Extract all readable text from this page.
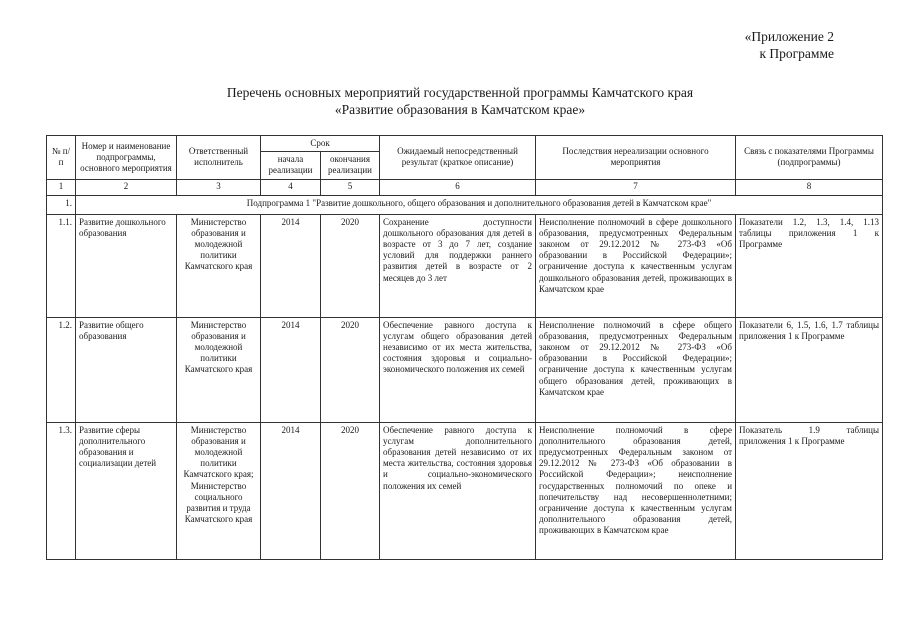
«Приложение 2
к Программе
Перечень основных мероприятий государственной программы Камчатского края
«Развитие образования в Камчатском крае»
№ п/п	Номер и наименование подпрограммы, основного мероприятия	Ответственный исполнитель	Срок		Ожидаемый непосредственный результат (краткое описание)	Последствия нереализации основного мероприятия	Связь с показателями Программы (подпрограммы)
			начала реализации	окончания реализации			
1	2	3	4	5	6	7	8
1.	Подпрограмма 1 "Развитие дошкольного, общего образования и дополнительного образования детей в Камчатском крае"						
1.1.	Развитие дошкольного образования	Министерство образования и молодежной политики Камчатского края	2014	2020	Сохранение доступности дошкольного образования для детей в возрасте от 3 до 7 лет, создание условий для поддержки раннего развития детей в возрасте от 2 месяцев до 3 лет	Неисполнение полномочий в сфере дошкольного образования, предусмотренных Федеральным законом от 29.12.2012 № 273-ФЗ «Об образовании в Российской Федерации»; ограничение доступа к качественным услугам дошкольного образования детей, проживающих в Камчатском крае	Показатели 1.2, 1.3, 1.4, 1.13 таблицы приложения 1 к Программе
1.2.	Развитие общего образования	Министерство образования и молодежной политики Камчатского края	2014	2020	Обеспечение равного доступа к услугам общего образования детей независимо от их места жительства, состояния здоровья и социально-экономического положения их семей	Неисполнение полномочий в сфере общего образования, предусмотренных Федеральным законом от 29.12.2012 № 273-ФЗ «Об образовании в Российской Федерации»; ограничение доступа к качественным услугам общего образования детей, проживающих в Камчатском крае	Показатели 6, 1.5, 1.6, 1.7 таблицы приложения 1 к Программе
1.3.	Развитие сферы дополнительного образования и социализации детей	Министерство образования и молодежной политики Камчатского края; Министерство социального развития и труда Камчатского края	2014	2020	Обеспечение равного доступа к услугам дополнительного образования детей независимо от их места жительства, состояния здоровья и социально-экономического положения их семей	Неисполнение полномочий в сфере дополнительного образования детей, предусмотренных Федеральным законом от 29.12.2012 № 273-ФЗ «Об образовании в Российской Федерации»; неисполнение государственных полномочий по опеке и попечительству над несовершеннолетними; ограничение доступа к качественным услугам дополнительного образования детей, проживающих в Камчатском крае	Показатель 1.9 таблицы приложения 1 к Программе
